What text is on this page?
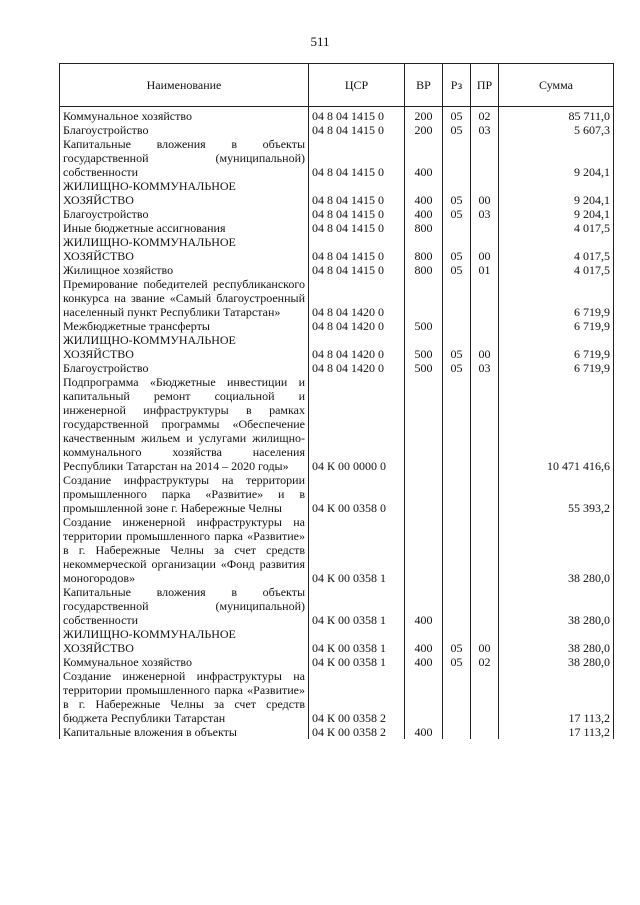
511
Наименование	ЦСР	ВР	Рз	ПР	Сумма
Коммунальное хозяйство	04 8 04 1415 0	200	05	02	85 711,0
Благоустройство	04 8 04 1415 0	200	05	03	5 607,3
Капитальные вложения в объекты государственной (муниципальной) собственности	04 8 04 1415 0	400			9 204,1
ЖИЛИЩНО-КОММУНАЛЬНОЕ ХОЗЯЙСТВО	04 8 04 1415 0	400	05	00	9 204,1
Благоустройство	04 8 04 1415 0	400	05	03	9 204,1
Иные бюджетные ассигнования	04 8 04 1415 0	800			4 017,5
ЖИЛИЩНО-КОММУНАЛЬНОЕ ХОЗЯЙСТВО	04 8 04 1415 0	800	05	00	4 017,5
Жилищное хозяйство	04 8 04 1415 0	800	05	01	4 017,5
Премирование победителей республиканского конкурса на звание «Самый благоустроенный населенный пункт Республики Татарстан»	04 8 04 1420 0				6 719,9
Межбюджетные трансферты	04 8 04 1420 0	500			6 719,9
ЖИЛИЩНО-КОММУНАЛЬНОЕ ХОЗЯЙСТВО	04 8 04 1420 0	500	05	00	6 719,9
Благоустройство	04 8 04 1420 0	500	05	03	6 719,9
Подпрограмма «Бюджетные инвестиции и капитальный ремонт социальной и инженерной инфраструктуры в рамках государственной программы «Обеспечение качественным жильем и услугами жилищно-коммунального хозяйства населения Республики Татарстан на 2014 – 2020 годы»	04 К 00 0000 0				10 471 416,6
Создание инфраструктуры на территории промышленного парка «Развитие» и в промышленной зоне г. Набережные Челны	04 К 00 0358 0				55 393,2
Создание инженерной инфраструктуры на территории промышленного парка «Развитие» в г. Набережные Челны за счет средств некоммерческой организации «Фонд развития моногородов»	04 К 00 0358 1				38 280,0
Капитальные вложения в объекты государственной (муниципальной) собственности	04 К 00 0358 1	400			38 280,0
ЖИЛИЩНО-КОММУНАЛЬНОЕ ХОЗЯЙСТВО	04 К 00 0358 1	400	05	00	38 280,0
Коммунальное хозяйство	04 К 00 0358 1	400	05	02	38 280,0
Создание инженерной инфраструктуры на территории промышленного парка «Развитие» в г. Набережные Челны за счет средств бюджета Республики Татарстан	04 К 00 0358 2				17 113,2
Капитальные вложения в объекты	04 К 00 0358 2	400			17 113,2
